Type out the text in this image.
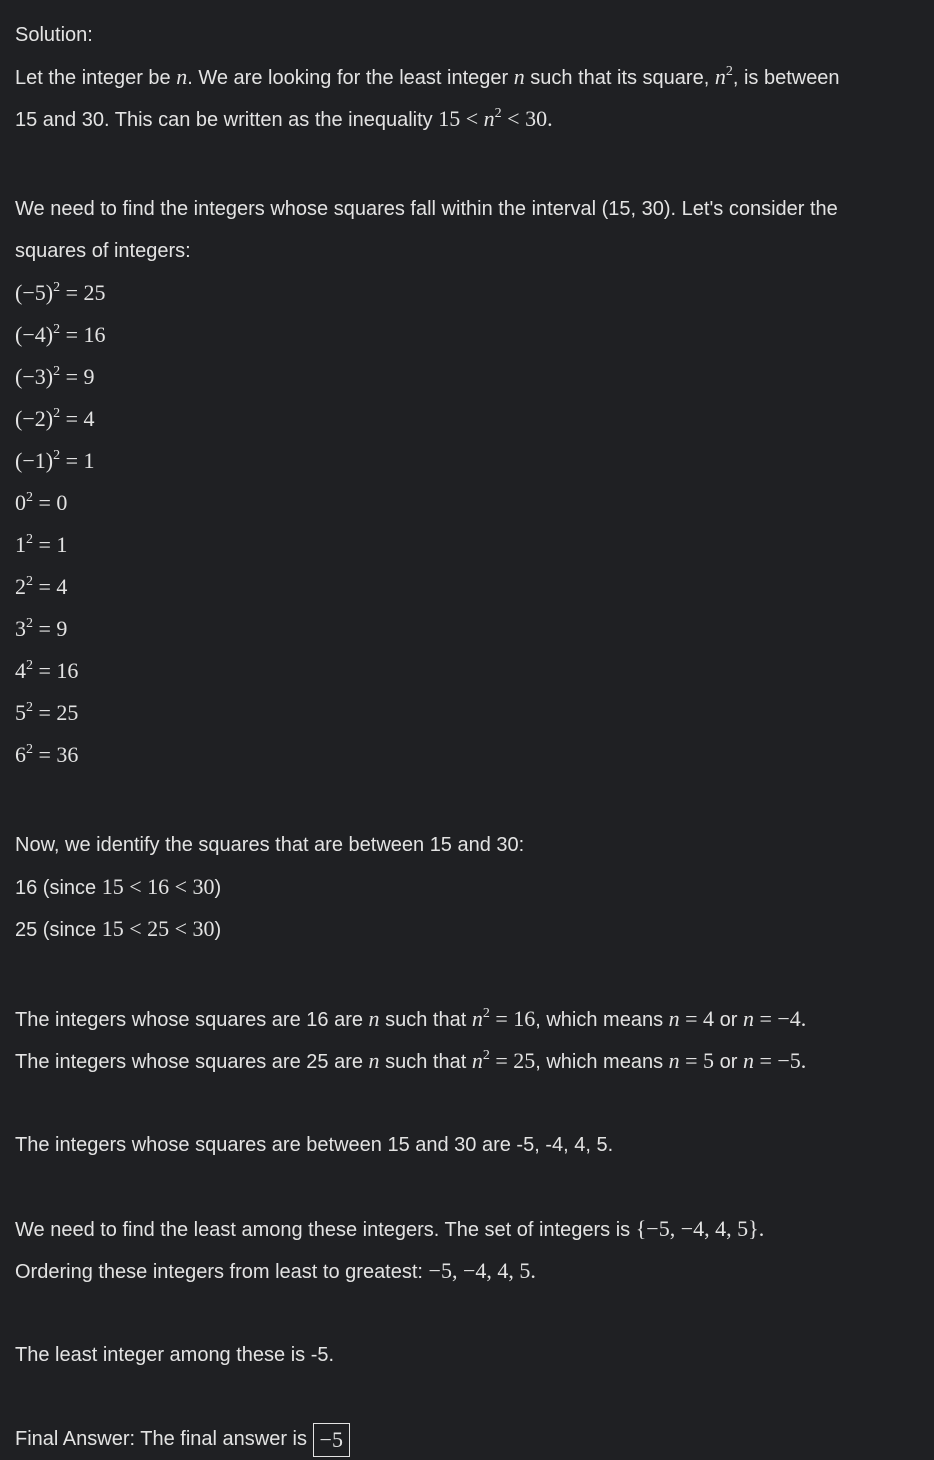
Solution:
Let the integer be n. We are looking for the least integer n such that its square, $n^2$, is between
15 and 30. This can be written as the inequality $15 < n^2 < 30$.
We need to find the integers whose squares fall within the interval (15, 30). Let's consider the
squares of integers:
$(-5)^2 = 25$
$(-4)^2 = 16$
$(-3)^2 = 9$
$(-2)^2 = 4$
$(-1)^2 = 1$
$0^2 = 0$
$1^2 = 1$
$2^2 = 4$
$3^2 = 9$
$4^2 = 16$
$5^2 = 25$
$6^2 = 36$
Now, we identify the squares that are between 15 and 30:
16 (since 15 < 16 < 30)
25 (since 15 < 25 < 30)
The integers whose squares are 16 are n such that $n^2 = 16$, which means n = 4 or n = −4.
The integers whose squares are 25 are n such that $n^2 = 25$, which means n = 5 or n = −5.
The integers whose squares are between 15 and 30 are -5, -4, 4, 5.
We need to find the least among these integers. The set of integers is {−5, −4, 4, 5}.
Ordering these integers from least to greatest: −5, −4, 4, 5.
The least integer among these is -5.
Final Answer: The final answer is −5
